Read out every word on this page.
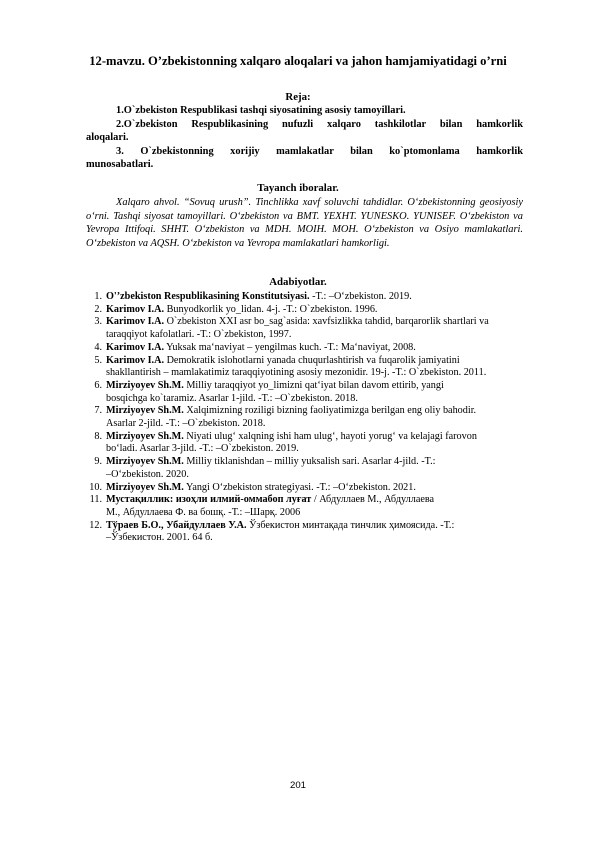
12-mavzu. O’zbekistonning xalqaro aloqalari va jahon hamjamiyatidagi o’rni
Reja:
1.O`zbekiston Respublikasi tashqi siyosatining asosiy tamoyillari.
2.O`zbekiston Respublikasining nufuzli xalqaro tashkilotlar bilan hamkorlik
aloqalari.
3. O`zbekistonning xorijiy mamlakatlar bilan ko`ptomonlama hamkorlik
munosabatlari.
Tayanch iboralar.
Xalqaro ahvol. “Sovuq urush”. Tinchlikka xavf soluvchi tahdidlar. O‘zbekistonning geosiyosiy o‘rni. Tashqi siyosat tamoyillari. O‘zbekiston va BMT. YEXHT. YUNESKO. YUNISEF. O‘zbekiston va Yevropa Ittifoqi. SHHT. O‘zbekiston va MDH. MOIH. MOH. O‘zbekiston va Osiyo mamlakatlari. O‘zbekiston va AQSH. O‘zbekiston va Yevropa mamlakatlari hamkorligi.
Adabiyotlar.
1. O'’zbekiston Respublikasining Konstitutsiyasi. -T.: –O‘zbekiston. 2019.
2. Karimov I.A. Bunyodkorlik yo_lidan. 4-j. -T.: O`zbekiston. 1996.
3. Karimov I.A. O`zbekiston XXI asr bo_sag`asida: xavfsizlikka tahdid, barqarorlik shartlari va
taraqqiyot kafolatlari. -T.: O`zbekiston, 1997.
4. Karimov I.A. Yuksak ma‘naviyat – yengilmas kuch. -T.: Ma‘naviyat, 2008.
5. Karimov I.A. Demokratik islohotlarni yanada chuqurlashtirish va fuqarolik jamiyatini
shakllantirish – mamlakatimiz taraqqiyotining asosiy mezonidir. 19-j. -T.: O`zbekiston. 2011.
6. Mirziyoyev Sh.M. Milliy taraqqiyot yo_limizni qat‘iyat bilan davom ettirib, yangi
bosqichga ko`taramiz. Asarlar 1-jild. -T.: –O`zbekiston. 2018.
7. Mirziyoyev Sh.M. Xalqimizning roziligi bizning faoliyatimizga berilgan eng oliy bahodir.
Asarlar 2-jild. -T.: –O`zbekiston. 2018.
8. Mirziyoyev Sh.M. Niyati ulug‘ xalqning ishi ham ulug‘, hayoti yorug‘ va kelajagi farovon
bo‘ladi. Asarlar 3-jild. -T.: –O`zbekiston. 2019.
9. Mirziyoyev Sh.M. Milliy tiklanishdan – milliy yuksalish sari. Asarlar 4-jild. -T.:
–O‘zbekiston. 2020.
10. Mirziyoyev Sh.M. Yangi O‘zbekiston strategiyasi. -T.: –O‘zbekiston. 2021.
11. Мустақиллик: изоҳли илмий-оммабоп луғат / Абдуллаев М., Абдуллаева
М., Абдуллаева Ф. ва бошқ. -Т.: –Шарқ. 2006
12. Тўраев Б.О., Убайдуллаев У.А. Ўзбекистон минтақада тинчлик ҳимоясида. -Т.:
–Ўзбекистон. 2001. 64 б.
201
